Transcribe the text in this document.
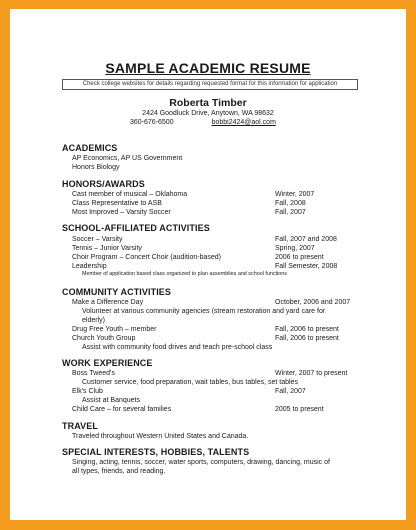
SAMPLE ACADEMIC RESUME
Check college websites for details regarding requested format for this information for application
Roberta Timber
2424 Goodluck Drive, Anytown, WA 98632
360-676-6500	bobbi2424@aol.com
ACADEMICS
AP Economics, AP US Government
Honors Biology
HONORS/AWARDS
Cast member of musical – Oklahoma	Winter, 2007
Class Representative to ASB	Fall, 2008
Most Improved – Varsity Soccer	Fall, 2007
SCHOOL-AFFILIATED ACTIVITIES
Soccer – Varsity	Fall, 2007 and 2008
Tennis – Junior Varsity	Spring, 2007
Choir Program – Concert Choir (audition-based)	2006 to present
Leadership	Fall Semester, 2008
Member of application based class organized to plan assemblies and school functions
COMMUNITY ACTIVITIES
Make a Difference Day	October, 2006 and 2007
Volunteer at various community agencies (stream restoration and yard care for
elderly)
Drug Free Youth – member	Fall, 2006 to present
Church Youth Group	Fall, 2006 to present
Assist with community food drives and teach pre-school class
WORK EXPERIENCE
Boss Tweed's	Winter, 2007 to present
Customer service, food preparation, wait tables, bus tables, set tables
Elk's Club	Fall, 2007
Assist at Banquets
Child Care – for several families	2005 to present
TRAVEL
Traveled throughout Western United States and Canada.
SPECIAL INTERESTS, HOBBIES, TALENTS
Singing, acting, tennis, soccer, water sports, computers, drawing, dancing, music of
all types, friends, and reading.
